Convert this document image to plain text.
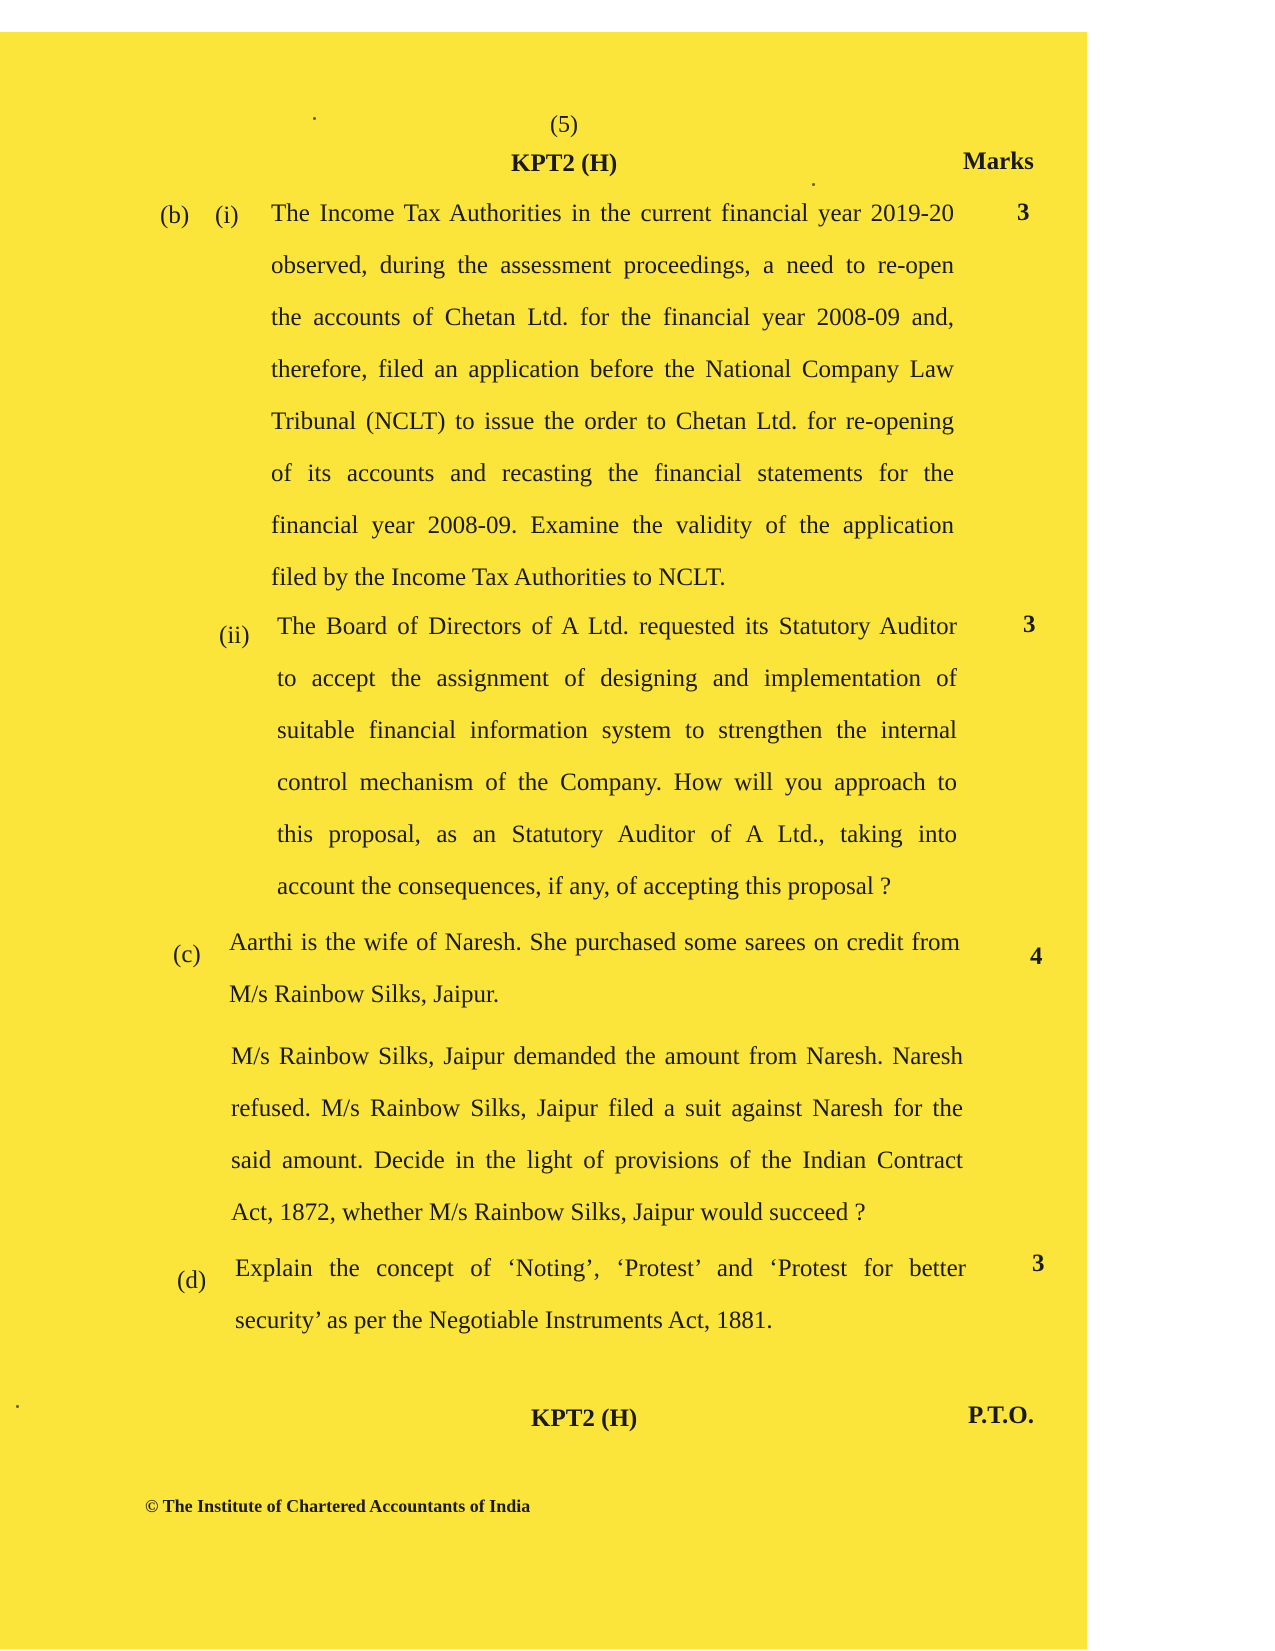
(5)
KPT2 (H)	Marks
(b) (i)	3
The Income Tax Authorities in the current financial year 2019-20
observed, during the assessment proceedings, a need to re-open
the accounts of Chetan Ltd. for the financial year 2008-09 and,
therefore, filed an application before the National Company Law
Tribunal (NCLT) to issue the order to Chetan Ltd. for re-opening
of its accounts and recasting the financial statements for the
financial year 2008-09. Examine the validity of the application
filed by the Income Tax Authorities to NCLT.
(ii)	3
The Board of Directors of A Ltd. requested its Statutory Auditor
to accept the assignment of designing and implementation of
suitable financial information system to strengthen the internal
control mechanism of the Company. How will you approach to
this proposal, as an Statutory Auditor of A Ltd., taking into
account the consequences, if any, of accepting this proposal ?
(c)	4
Aarthi is the wife of Naresh. She purchased some sarees on credit from
M/s Rainbow Silks, Jaipur.
M/s Rainbow Silks, Jaipur demanded the amount from Naresh. Naresh
refused. M/s Rainbow Silks, Jaipur filed a suit against Naresh for the
said amount. Decide in the light of provisions of the Indian Contract
Act, 1872, whether M/s Rainbow Silks, Jaipur would succeed ?
(d)
3
Explain the concept of ‘Noting’, ‘Protest’ and ‘Protest for better
security’ as per the Negotiable Instruments Act, 1881.
KPT2 (H)	P.T.O.
© The Institute of Chartered Accountants of India
